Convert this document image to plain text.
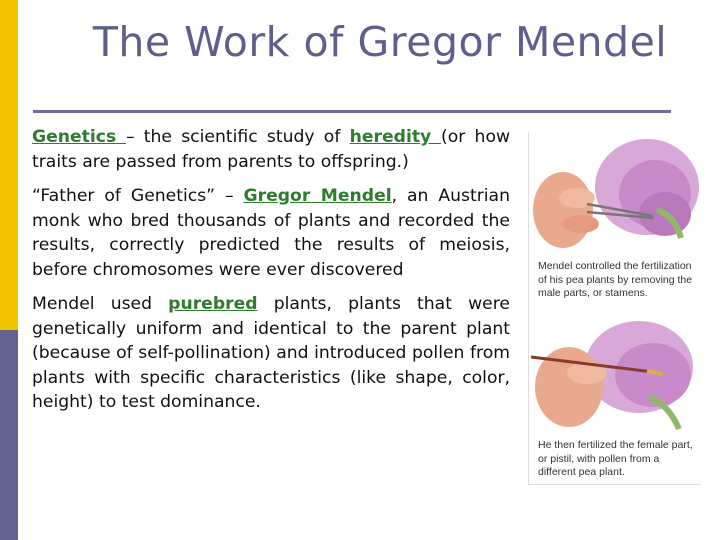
The Work of Gregor Mendel
Genetics – the scientific study of heredity (or how traits are passed from parents to offspring.)
“Father of Genetics” – Gregor Mendel, an Austrian monk who bred thousands of plants and recorded the results, correctly predicted the results of meiosis, before chromosomes were ever discovered
Mendel used purebred plants, plants that were genetically uniform and identical to the parent plant (because of self-pollination) and introduced pollen from plants with specific characteristics (like shape, color, height) to test dominance.
Mendel controlled the fertilization of his pea plants by removing the male parts, or stamens.
He then fertilized the female part, or pistil, with pollen from a different pea plant.
